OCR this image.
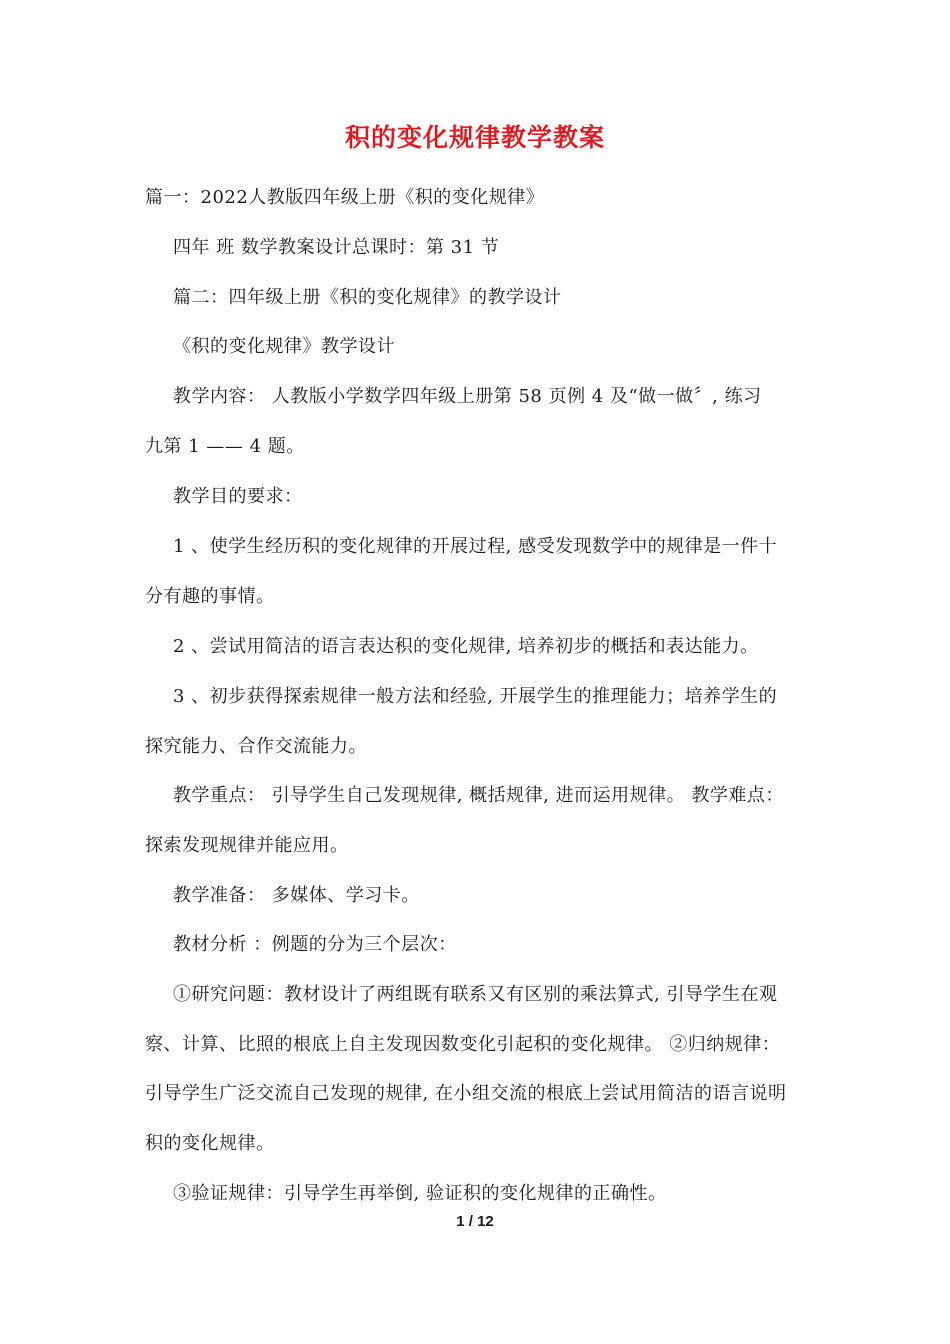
积的变化规律教学教案
篇一：2022人教版四年级上册《积的变化规律》
四年 班 数学教案设计总课时：第 31 节
篇二：四年级上册《积的变化规律》的教学设计
《积的变化规律》教学设计
教学内容： 人教版小学数学四年级上册第 58 页例 4 及“做一做〞, 练习
九第 1 —— 4 题。
教学目的要求：
1 、使学生经历积的变化规律的开展过程, 感受发现数学中的规律是一件十
分有趣的事情。
2 、尝试用简洁的语言表达积的变化规律, 培养初步的概括和表达能力。
3 、初步获得探索规律一般方法和经验, 开展学生的推理能力；培养学生的
探究能力、合作交流能力。
教学重点： 引导学生自己发现规律, 概括规律, 进而运用规律。 教学难点：
探索发现规律并能应用。
教学准备： 多媒体、学习卡。
教材分析 ：例题的分为三个层次：
①研究问题：教材设计了两组既有联系又有区别的乘法算式, 引导学生在观
察、计算、比照的根底上自主发现因数变化引起积的变化规律。 ②归纳规律：
引导学生广泛交流自己发现的规律, 在小组交流的根底上尝试用简洁的语言说明
积的变化规律。
③验证规律：引导学生再举倒, 验证积的变化规律的正确性。
1 / 12
